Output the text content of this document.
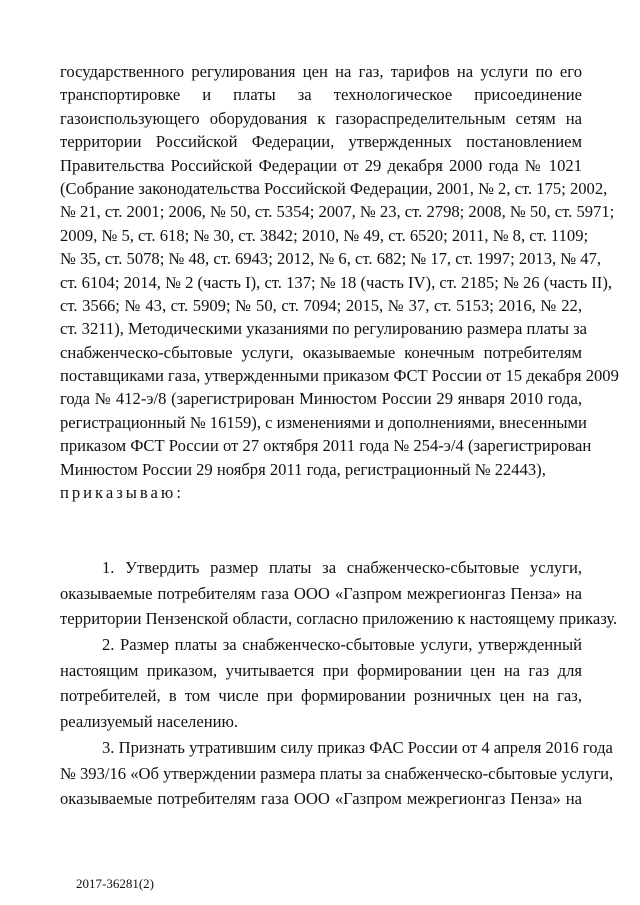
государственного регулирования цен на газ, тарифов на услуги по его
транспортировке и платы за технологическое присоединение
газоиспользующего оборудования к газораспределительным сетям на
территории Российской Федерации, утвержденных постановлением
Правительства Российской Федерации от 29 декабря 2000 года № 1021
(Собрание законодательства Российской Федерации, 2001, № 2, ст. 175; 2002,
№ 21, ст. 2001; 2006, № 50, ст. 5354; 2007, № 23, ст. 2798; 2008, № 50, ст. 5971;
2009, № 5, ст. 618; № 30, ст. 3842; 2010, № 49, ст. 6520; 2011, № 8, ст. 1109;
№ 35, ст. 5078; № 48, ст. 6943; 2012, № 6, ст. 682; № 17, ст. 1997; 2013, № 47,
ст. 6104; 2014, № 2 (часть I), ст. 137; № 18 (часть IV), ст. 2185; № 26 (часть II),
ст. 3566; № 43, ст. 5909; № 50, ст. 7094; 2015, № 37, ст. 5153; 2016, № 22,
ст. 3211), Методическими указаниями по регулированию размера платы за
снабженческо-сбытовые услуги, оказываемые конечным потребителям
поставщиками газа, утвержденными приказом ФСТ России от 15 декабря 2009
года № 412-э/8 (зарегистрирован Минюстом России 29 января 2010 года,
регистрационный № 16159), с изменениями и дополнениями, внесенными
приказом ФСТ России от 27 октября 2011 года № 254-э/4 (зарегистрирован
Минюстом России 29 ноября 2011 года, регистрационный № 22443),
приказываю:
1. Утвердить размер платы за снабженческо-сбытовые услуги,
оказываемые потребителям газа ООО «Газпром межрегионгаз Пенза» на
территории Пензенской области, согласно приложению к настоящему приказу.
2. Размер платы за снабженческо-сбытовые услуги, утвержденный
настоящим приказом, учитывается при формировании цен на газ для
потребителей, в том числе при формировании розничных цен на газ,
реализуемый населению.
3. Признать утратившим силу приказ ФАС России от 4 апреля 2016 года
№ 393/16 «Об утверждении размера платы за снабженческо-сбытовые услуги,
оказываемые потребителям газа ООО «Газпром межрегионгаз Пенза» на
2017-36281(2)
